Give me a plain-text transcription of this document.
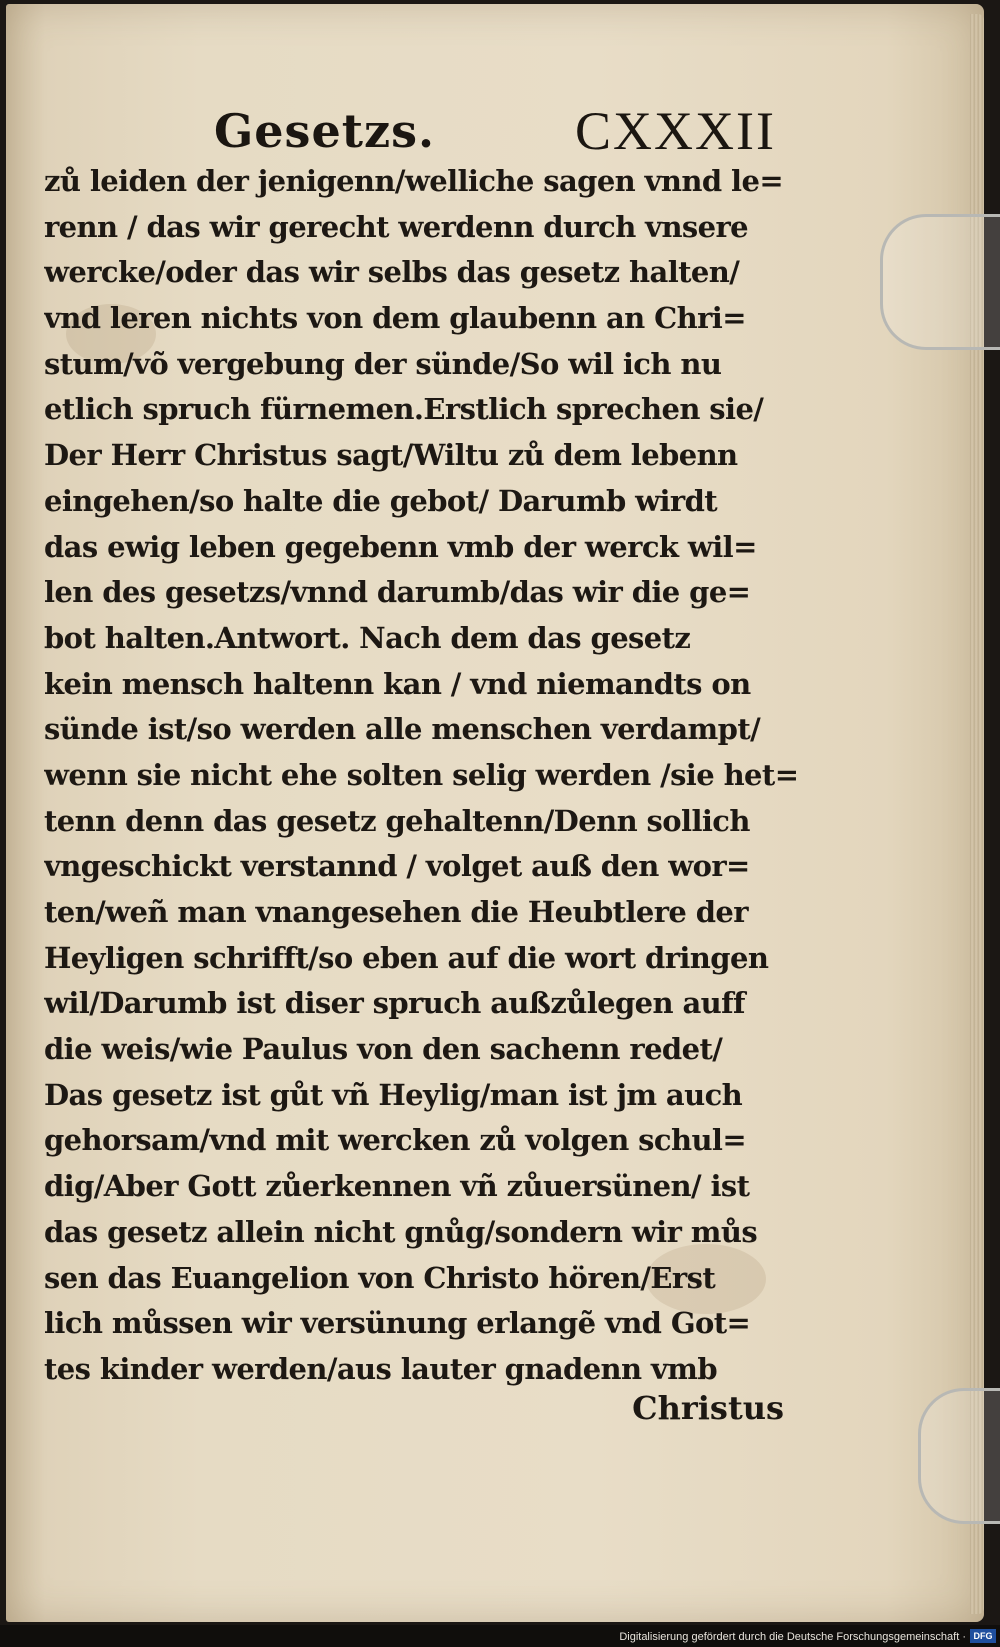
Gesetzs.	CXXXII
zů leiden der jenigenn/welliche sagen vnnd le=
renn / das wir gerecht werdenn durch vnsere
wercke/oder das wir selbs das gesetz halten/
vnd leren nichts von dem glaubenn an Chri=
stum/võ vergebung der sünde/So wil ich nu
etlich spruch fürnemen.Erstlich sprechen sie/
Der Herr Christus sagt/Wiltu zů dem lebenn
eingehen/so halte die gebot/ Darumb wirdt
das ewig leben gegebenn vmb der werck wil=
len des gesetzs/vnnd darumb/das wir die ge=
bot halten.Antwort. Nach dem das gesetz
kein mensch haltenn kan / vnd niemandts on
sünde ist/so werden alle menschen verdampt/
wenn sie nicht ehe solten selig werden /sie het=
tenn denn das gesetz gehaltenn/Denn sollich
vngeschickt verstannd / volget auß den wor=
ten/weñ man vnangesehen die Heubtlere der
Heyligen schrifft/so eben auf die wort dringen
wil/Darumb ist diser spruch außzůlegen auff
die weis/wie Paulus von den sachenn redet/
Das gesetz ist gůt vñ Heylig/man ist jm auch
gehorsam/vnd mit wercken zů volgen schul=
dig/Aber Gott zůerkennen vñ zůuersünen/ ist
das gesetz allein nicht gnůg/sondern wir můs
sen das Euangelion von Christo hören/Erst
lich můssen wir versünung erlangẽ vnd Got=
tes kinder werden/aus lauter gnadenn vmb
Christus
Digitalisierung gefördert durch die Deutsche Forschungsgemeinschaft · DFG
